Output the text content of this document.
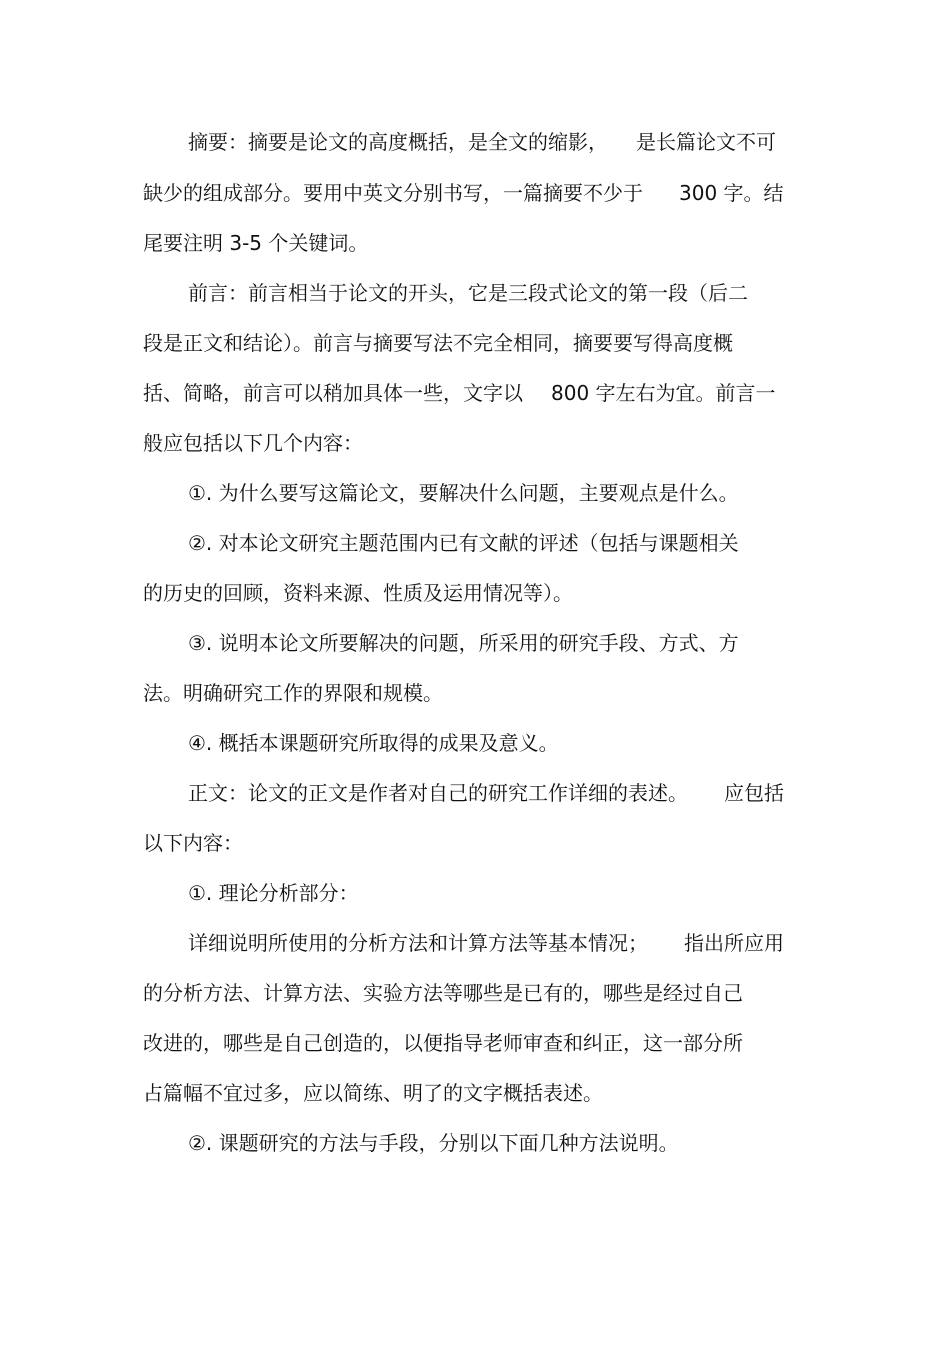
摘要：摘要是论文的高度概括，是全文的缩影， 是长篇论文不可
缺少的组成部分。要用中英文分别书写，一篇摘要不少于 300 字。结
尾要注明 3-5 个关键词。
前言：前言相当于论文的开头，它是三段式论文的第一段（后二
段是正文和结论）。前言与摘要写法不完全相同，摘要要写得高度概
括、简略，前言可以稍加具体一些，文字以 800 字左右为宜。前言一
般应包括以下几个内容：
①. 为什么要写这篇论文，要解决什么问题，主要观点是什么。
②. 对本论文研究主题范围内已有文献的评述（包括与课题相关
的历史的回顾，资料来源、性质及运用情况等）。
③. 说明本论文所要解决的问题，所采用的研究手段、方式、方
法。明确研究工作的界限和规模。
④. 概括本课题研究所取得的成果及意义。
正文：论文的正文是作者对自己的研究工作详细的表述。 应包括
以下内容：
①. 理论分析部分：
详细说明所使用的分析方法和计算方法等基本情况； 指出所应用
的分析方法、计算方法、实验方法等哪些是已有的，哪些是经过自己
改进的，哪些是自己创造的，以便指导老师审查和纠正，这一部分所
占篇幅不宜过多，应以简练、明了的文字概括表述。
②. 课题研究的方法与手段，分别以下面几种方法说明。
